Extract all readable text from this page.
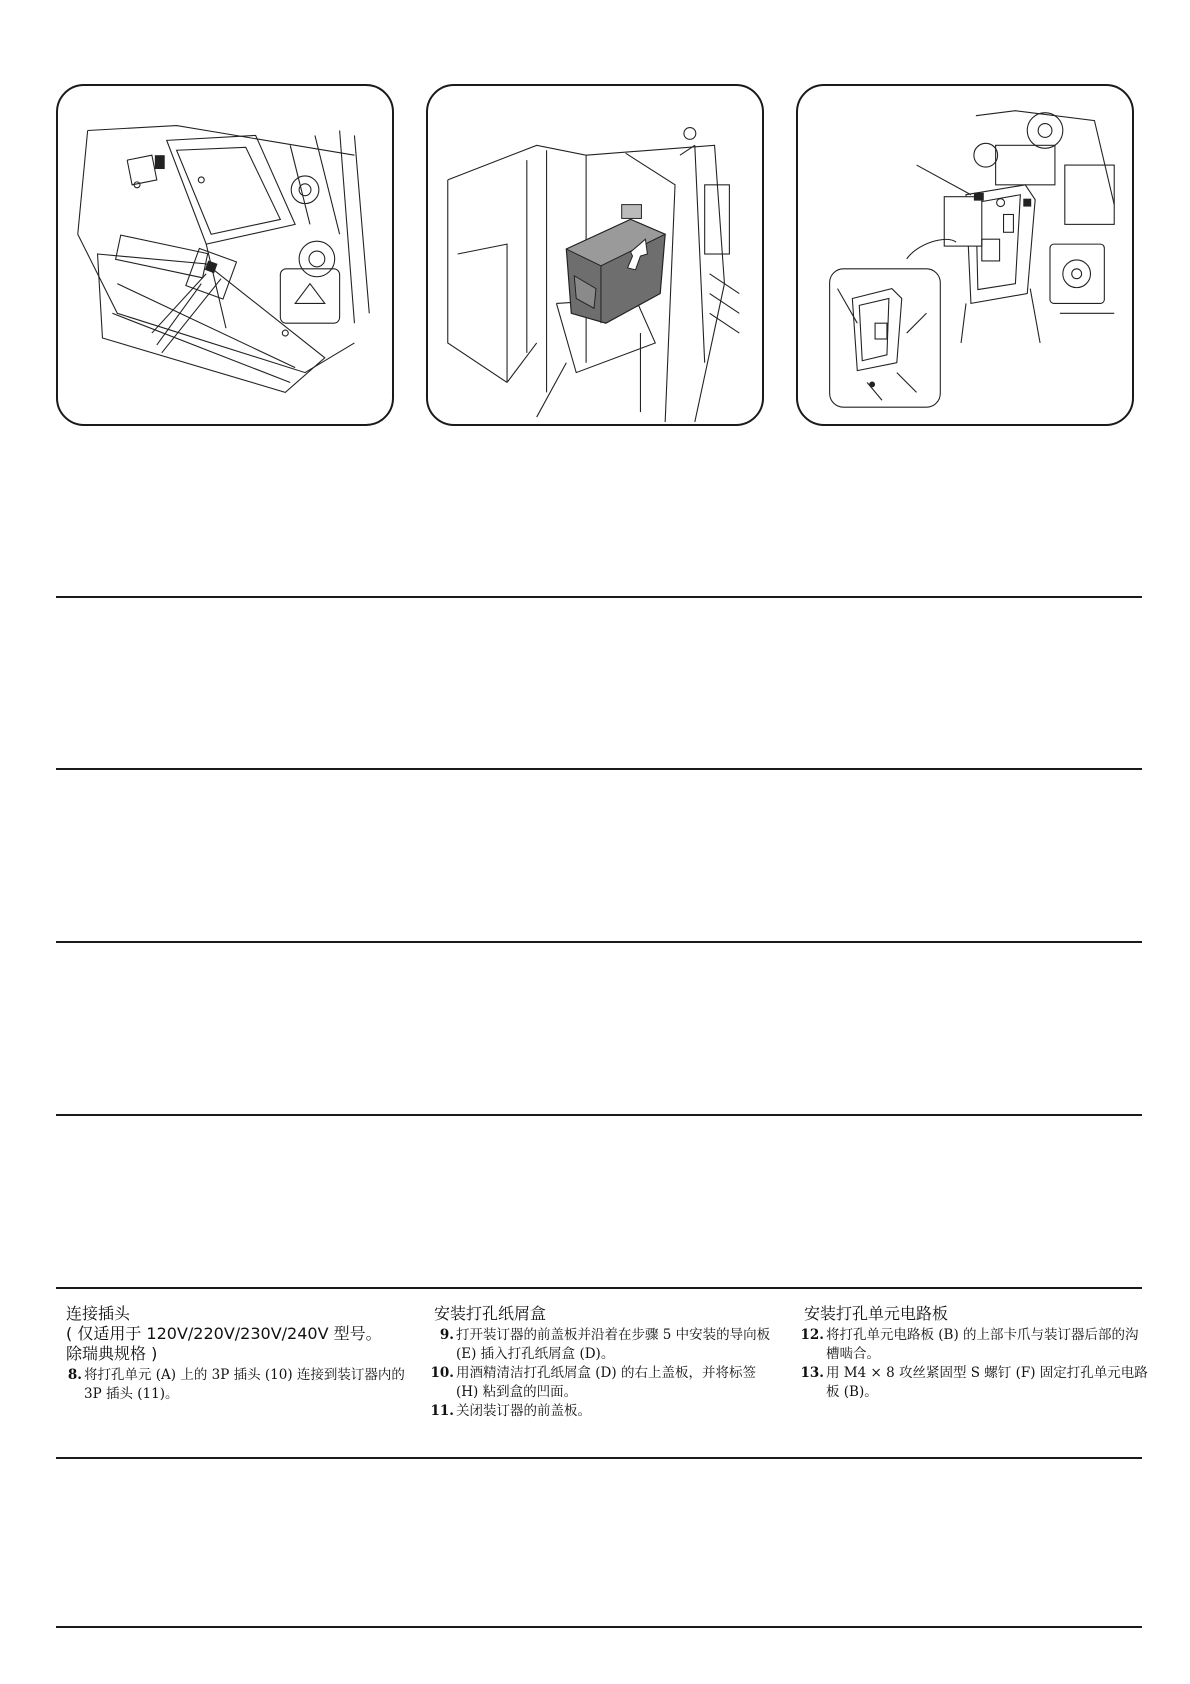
连接插头
( 仅适用于 120V/220V/230V/240V 型号。
除瑞典规格 )
8. 将打孔单元 (A) 上的 3P 插头 (10) 连接到装订器内的 3P 插头 (11)。
安装打孔纸屑盒
9. 打开装订器的前盖板并沿着在步骤 5 中安装的导向板 (E) 插入打孔纸屑盒 (D)。
10. 用酒精清洁打孔纸屑盒 (D) 的右上盖板，并将标签 (H) 粘到盒的凹面。
11. 关闭装订器的前盖板。
安装打孔单元电路板
12. 将打孔单元电路板 (B) 的上部卡爪与装订器后部的沟槽啮合。
13. 用 M4 × 8 攻丝紧固型 S 螺钉 (F) 固定打孔单元电路板 (B)。
